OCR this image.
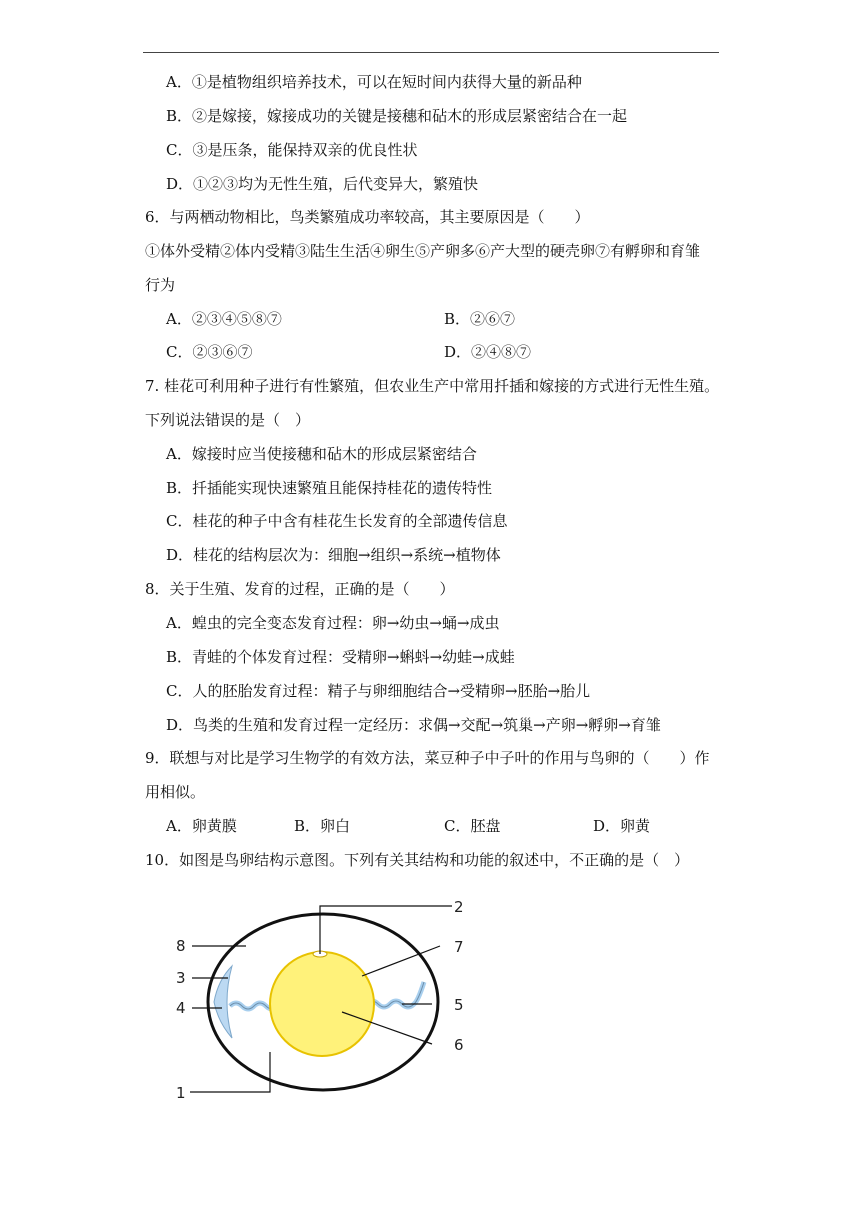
A．①是植物组织培养技术，可以在短时间内获得大量的新品种
B．②是嫁接，嫁接成功的关键是接穗和砧木的形成层紧密结合在一起
C．③是压条，能保持双亲的优良性状
D．①②③均为无性生殖，后代变异大，繁殖快
6．与两栖动物相比，鸟类繁殖成功率较高，其主要原因是（　　）
①体外受精②体内受精③陆生生活④卵生⑤产卵多⑥产大型的硬壳卵⑦有孵卵和育雏
行为
A．②③④⑤⑧⑦	B．②⑥⑦
C．②③⑥⑦	D．②④⑧⑦
7. 桂花可利用种子进行有性繁殖，但农业生产中常用扦插和嫁接的方式进行无性生殖。
下列说法错误的是（　）
A．嫁接时应当使接穗和砧木的形成层紧密结合
B．扦插能实现快速繁殖且能保持桂花的遗传特性
C．桂花的种子中含有桂花生长发育的全部遗传信息
D．桂花的结构层次为：细胞→组织→系统→植物体
8．关于生殖、发育的过程，正确的是（　　）
A．蝗虫的完全变态发育过程：卵→幼虫→蛹→成虫
B．青蛙的个体发育过程：受精卵→蝌蚪→幼蛙→成蛙
C．人的胚胎发育过程：精子与卵细胞结合→受精卵→胚胎→胎儿
D．鸟类的生殖和发育过程一定经历：求偶→交配→筑巢→产卵→孵卵→育雏
9．联想与对比是学习生物学的有效方法，菜豆种子中子叶的作用与鸟卵的（　　）作
用相似。
A．卵黄膜	B．卵白	C．胚盘	D．卵黄
10．如图是鸟卵结构示意图。下列有关其结构和功能的叙述中，不正确的是（　）
2
7
8
3
4	5
6
1
